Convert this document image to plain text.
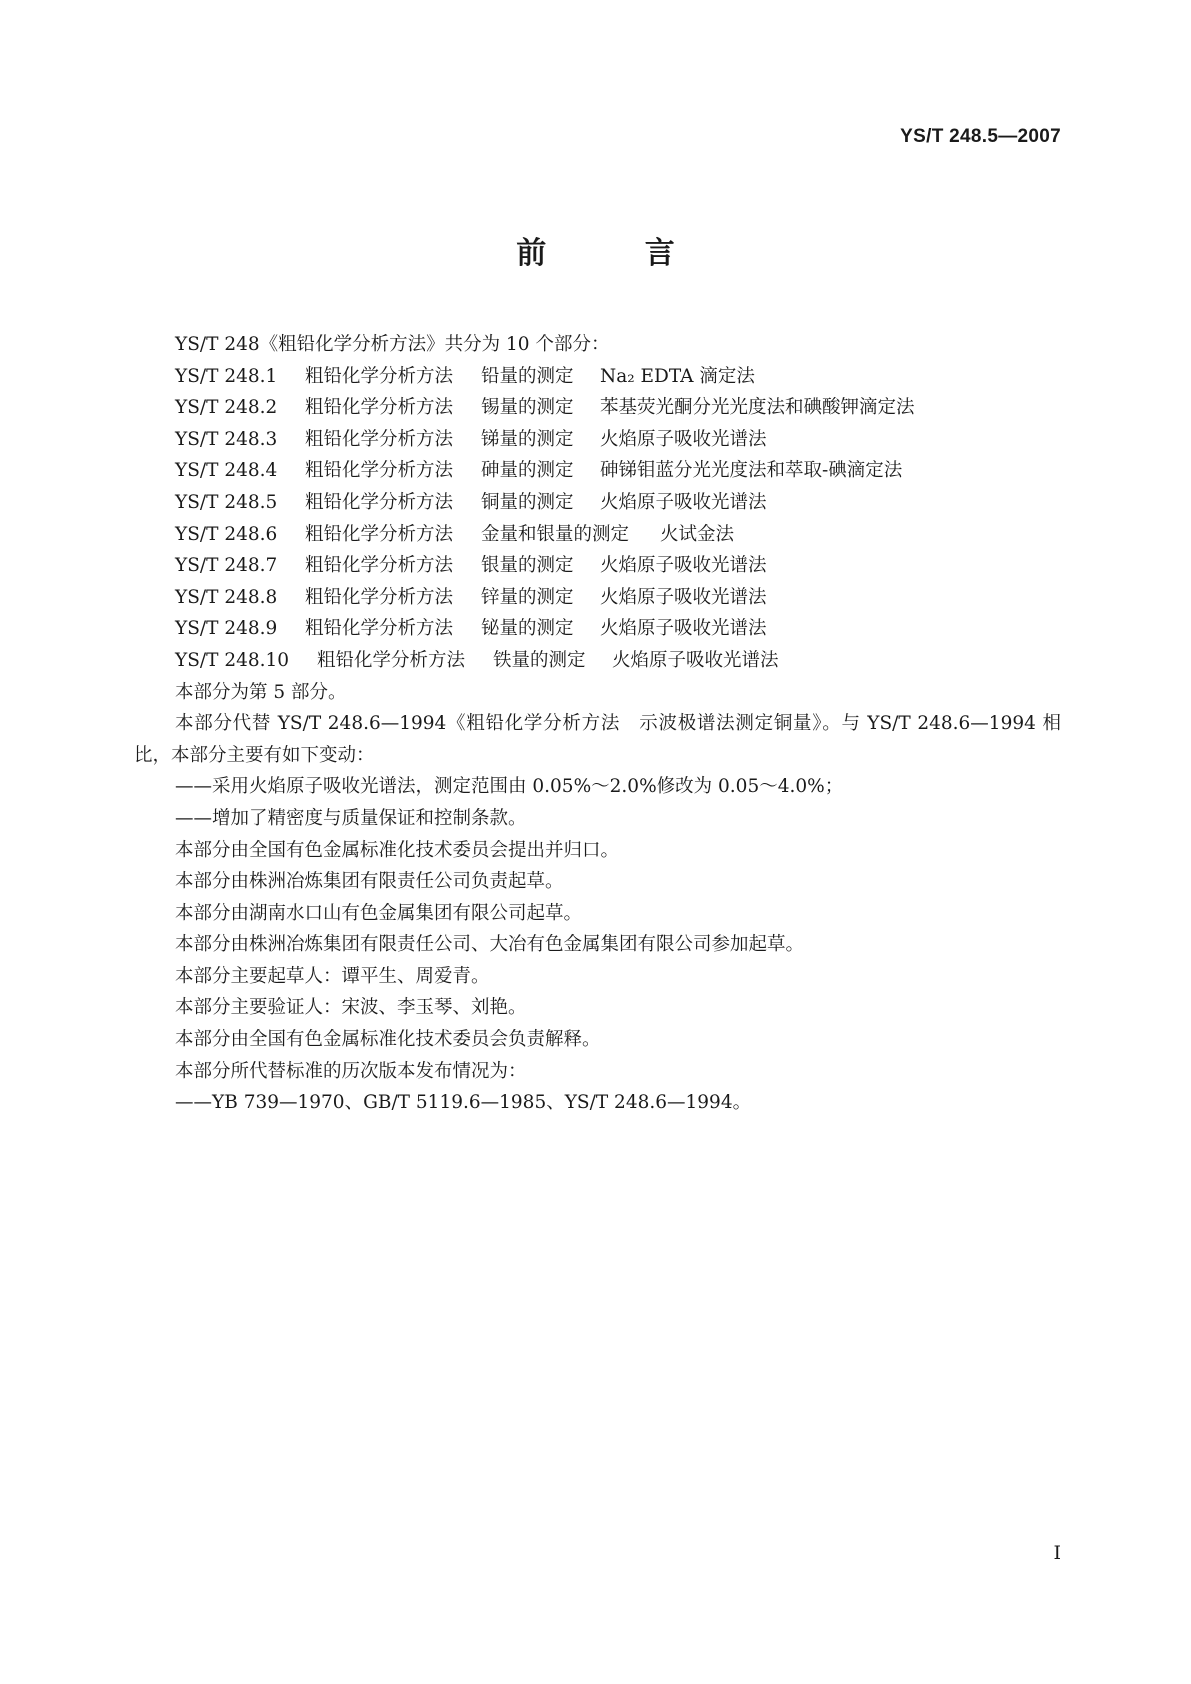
YS/T 248.5—2007
前 言
YS/T 248《粗铅化学分析方法》共分为 10 个部分：
YS/T 248.1	粗铅化学分析方法	铅量的测定	Na₂ EDTA 滴定法
YS/T 248.2	粗铅化学分析方法	锡量的测定	苯基荧光酮分光光度法和碘酸钾滴定法
YS/T 248.3	粗铅化学分析方法	锑量的测定	火焰原子吸收光谱法
YS/T 248.4	粗铅化学分析方法	砷量的测定	砷锑钼蓝分光光度法和萃取-碘滴定法
YS/T 248.5	粗铅化学分析方法	铜量的测定	火焰原子吸收光谱法
YS/T 248.6	粗铅化学分析方法	金量和银量的测定	火试金法
YS/T 248.7	粗铅化学分析方法	银量的测定	火焰原子吸收光谱法
YS/T 248.8	粗铅化学分析方法	锌量的测定	火焰原子吸收光谱法
YS/T 248.9	粗铅化学分析方法	铋量的测定	火焰原子吸收光谱法
YS/T 248.10	粗铅化学分析方法	铁量的测定	火焰原子吸收光谱法
本部分为第 5 部分。
本部分代替 YS/T 248.6—1994《粗铅化学分析方法　示波极谱法测定铜量》。与 YS/T 248.6—1994 相比，本部分主要有如下变动：
——采用火焰原子吸收光谱法，测定范围由 0.05%～2.0%修改为 0.05～4.0%；
——增加了精密度与质量保证和控制条款。
本部分由全国有色金属标准化技术委员会提出并归口。
本部分由株洲冶炼集团有限责任公司负责起草。
本部分由湖南水口山有色金属集团有限公司起草。
本部分由株洲冶炼集团有限责任公司、大冶有色金属集团有限公司参加起草。
本部分主要起草人：谭平生、周爱青。
本部分主要验证人：宋波、李玉琴、刘艳。
本部分由全国有色金属标准化技术委员会负责解释。
本部分所代替标准的历次版本发布情况为：
——YB 739—1970、GB/T 5119.6—1985、YS/T 248.6—1994。
I
